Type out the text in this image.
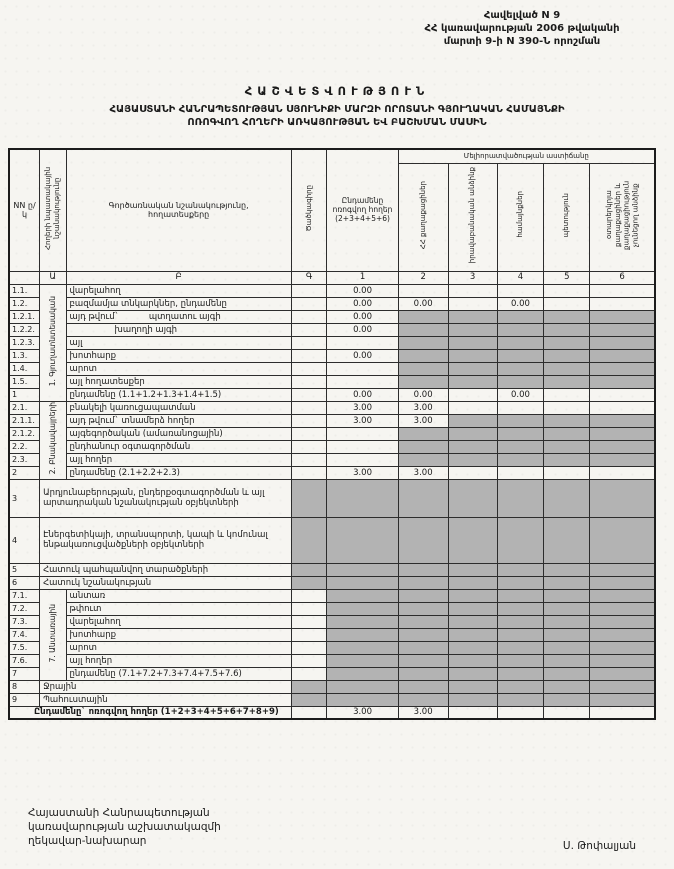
Հավելված N 9
ՀՀ կառավարության 2006 թվականի
մարտի 9-ի N 390-Ն որոշման
ՀԱՇՎԵՏՎՈՒԹՅՈՒՆ
ՀԱՅԱՍՏԱՆԻ ՀԱՆՐԱՊԵՏՈՒԹՅԱՆ ՍՅՈՒՆԻՔԻ ՄԱՐԶԻ ՈՐՈՏԱՆԻ ԳՅՈՒՂԱԿԱՆ ՀԱՄԱՅՆՔԻ
ՈՌՈԳՎՈՂ ՀՈՂԵՐԻ ԱՌԿԱՅՈՒԹՅԱՆ ԵՎ ԲԱՇԽՄԱՆ ՄԱՍԻՆ
NN ը/կ	Հողերի նպատակային նշանակությունը	Գործառնական նշանակությունը, հողատեսքերը	Ծածկագիրը	Ընդամենը ոռոգվող հողեր (2+3+4+5+6)	Մելիորատվածության աստիճանը				
					ՀՀ քաղաքացիներ	իրավաբանական անձինք	համայնքներ	պետություն	օտարերկրյա քաղաքացիներ և քաղաքացիություն չունեցող անձինք
	Ա	Բ	Գ	1	2	3	4	5	6
1.1.	1. Գյուղատնտեսական	վարելահող		0.00					
1.2.		բազմամյա տնկարկներ, ընդամենը		0.00	0.00		0.00		
1.2.1.		այդ թվում` պտղատու այգի		0.00					
1.2.2.		խաղողի այգի		0.00					
1.2.3.		այլ							
1.3.		խոտհարք		0.00					
1.4.		արոտ							
1.5.		այլ հողատեսքեր							
1		ընդամենը (1.1+1.2+1.3+1.4+1.5)		0.00	0.00		0.00		
2.1.	2. Բնակավայրերի	բնակելի կառուցապատման		3.00	3.00				
2.1.1.		այդ թվում` տնամերձ հողեր		3.00	3.00				
2.1.2.		այգեգործական (ամառանոցային)							
2.2.		ընդհանուր օգտագործման							
2.3.		այլ հողեր							
2		ընդամենը (2.1+2.2+2.3)		3.00	3.00				
3	Արդյունաբերության, ընդերքօգտագործման և այլ արտադրական նշանակության օբյեկտների								
4	Էներգետիկայի, տրանսպորտի, կապի և կոմունալ ենթակառուցվածքների օբյեկտների								
5	Հատուկ պահպանվող տարածքների								
6	Հատուկ նշանակության								
7.1.	7. Անտառային	անտառ							
7.2.		թփուտ							
7.3.		վարելահող							
7.4.		խոտհարք							
7.5.		արոտ							
7.6.		այլ հողեր							
7		ընդամենը (7.1+7.2+7.3+7.4+7.5+7.6)							
8	Ջրային								
9	Պահուստային								
Ընդամենը` ոռոգվող հողեր (1+2+3+4+5+6+7+8+9)				3.00	3.00				
Հայաստանի Հանրապետության
կառավարության աշխատակազմի
ղեկավար-նախարար	Ս. Թոփալյան
